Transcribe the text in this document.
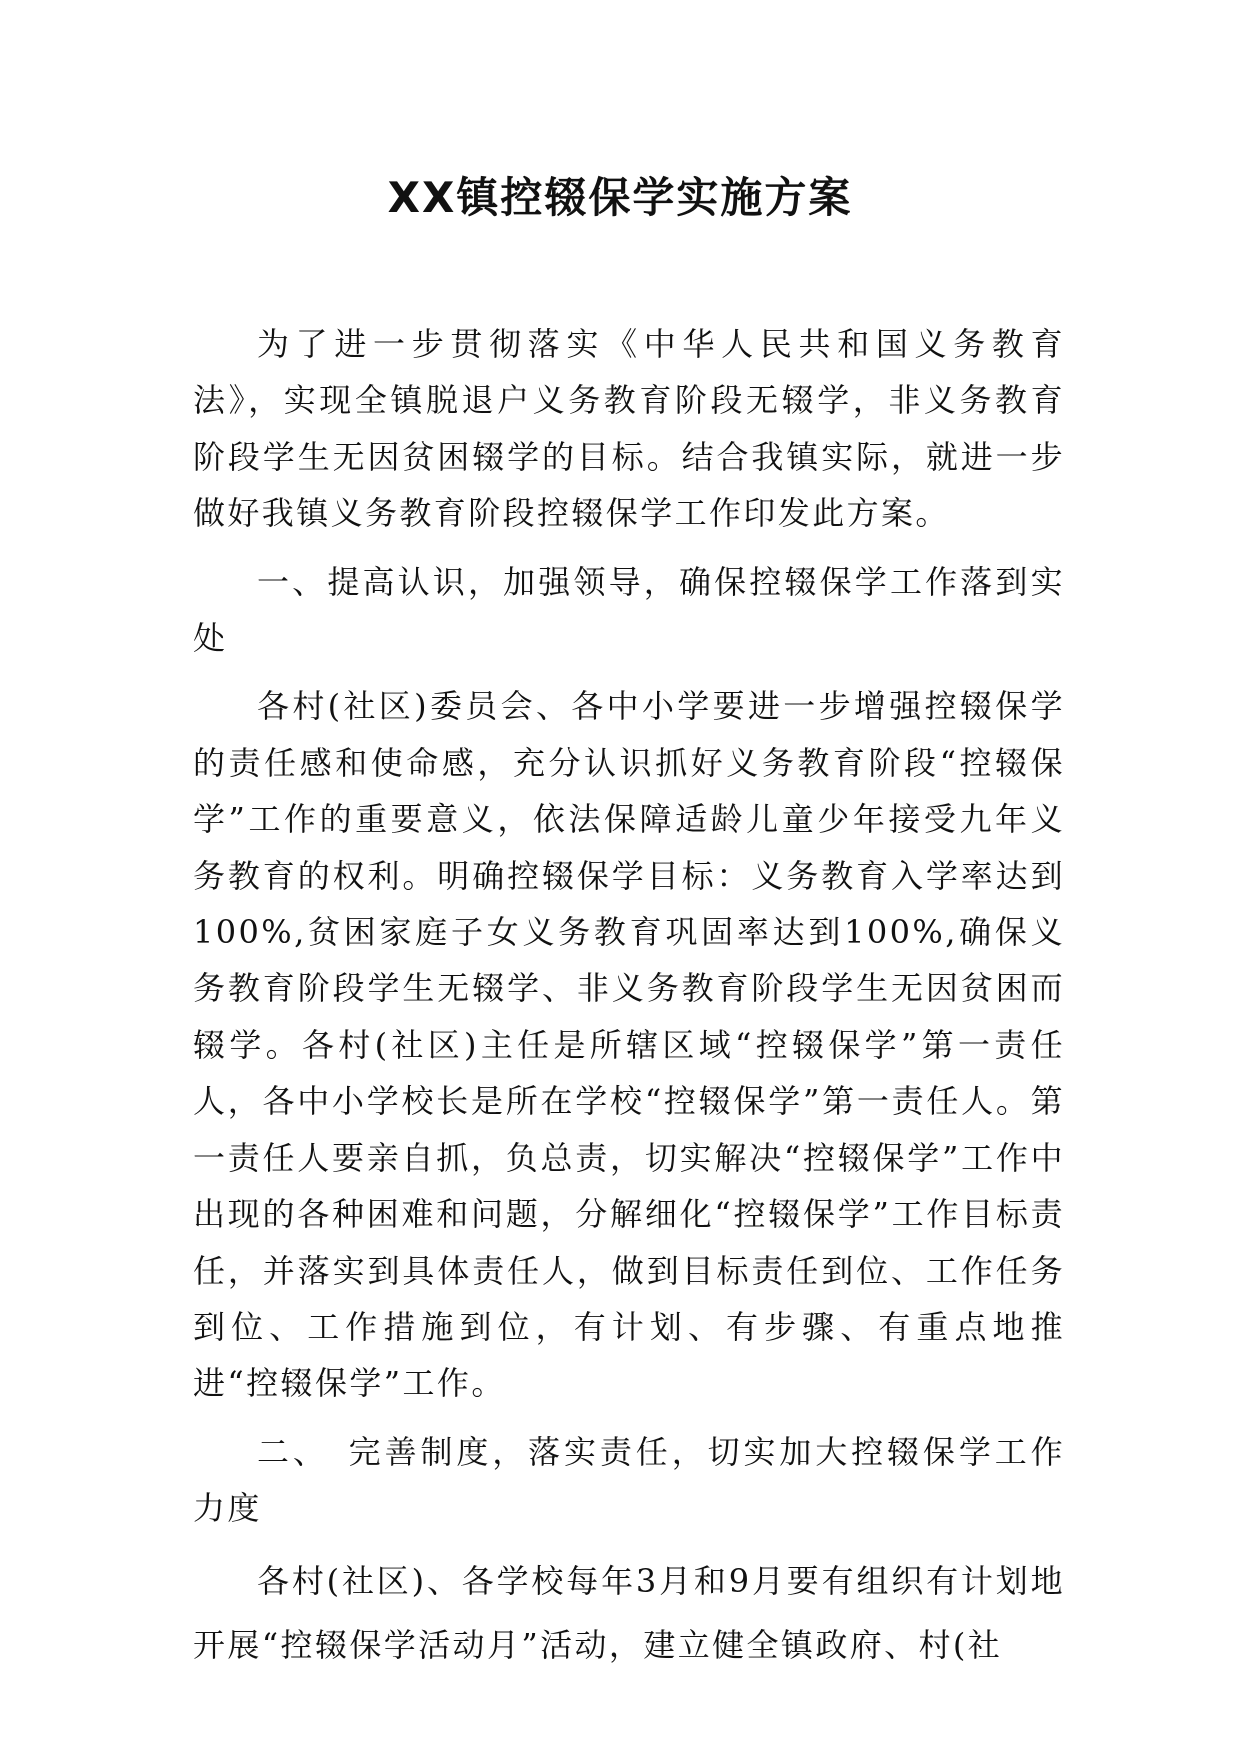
XX镇控辍保学实施方案

为了进一步贯彻落实《中华人民共和国义务教育法》，实现全镇脱退户义务教育阶段无辍学，非义务教育阶段学生无因贫困辍学的目标。结合我镇实际，就进一步做好我镇义务教育阶段控辍保学工作印发此方案。

一、提高认识，加强领导，确保控辍保学工作落到实处

各村(社区)委员会、各中小学要进一步增强控辍保学的责任感和使命感，充分认识抓好义务教育阶段“控辍保学”工作的重要意义，依法保障适龄儿童少年接受九年义务教育的权利。明确控辍保学目标：义务教育入学率达到100%,贫困家庭子女义务教育巩固率达到100%,确保义务教育阶段学生无辍学、非义务教育阶段学生无因贫困而辍学。各村(社区)主任是所辖区域“控辍保学”第一责任人，各中小学校长是所在学校“控辍保学”第一责任人。第一责任人要亲自抓，负总责，切实解决“控辍保学”工作中出现的各种困难和问题，分解细化“控辍保学”工作目标责任，并落实到具体责任人，做到目标责任到位、工作任务到位、工作措施到位，有计划、有步骤、有重点地推进“控辍保学”工作。

二、　完善制度，落实责任，切实加大控辍保学工作力度

各村(社区)、各学校每年3月和9月要有组织有计划地开展“控辍保学活动月”活动，建立健全镇政府、村(社
